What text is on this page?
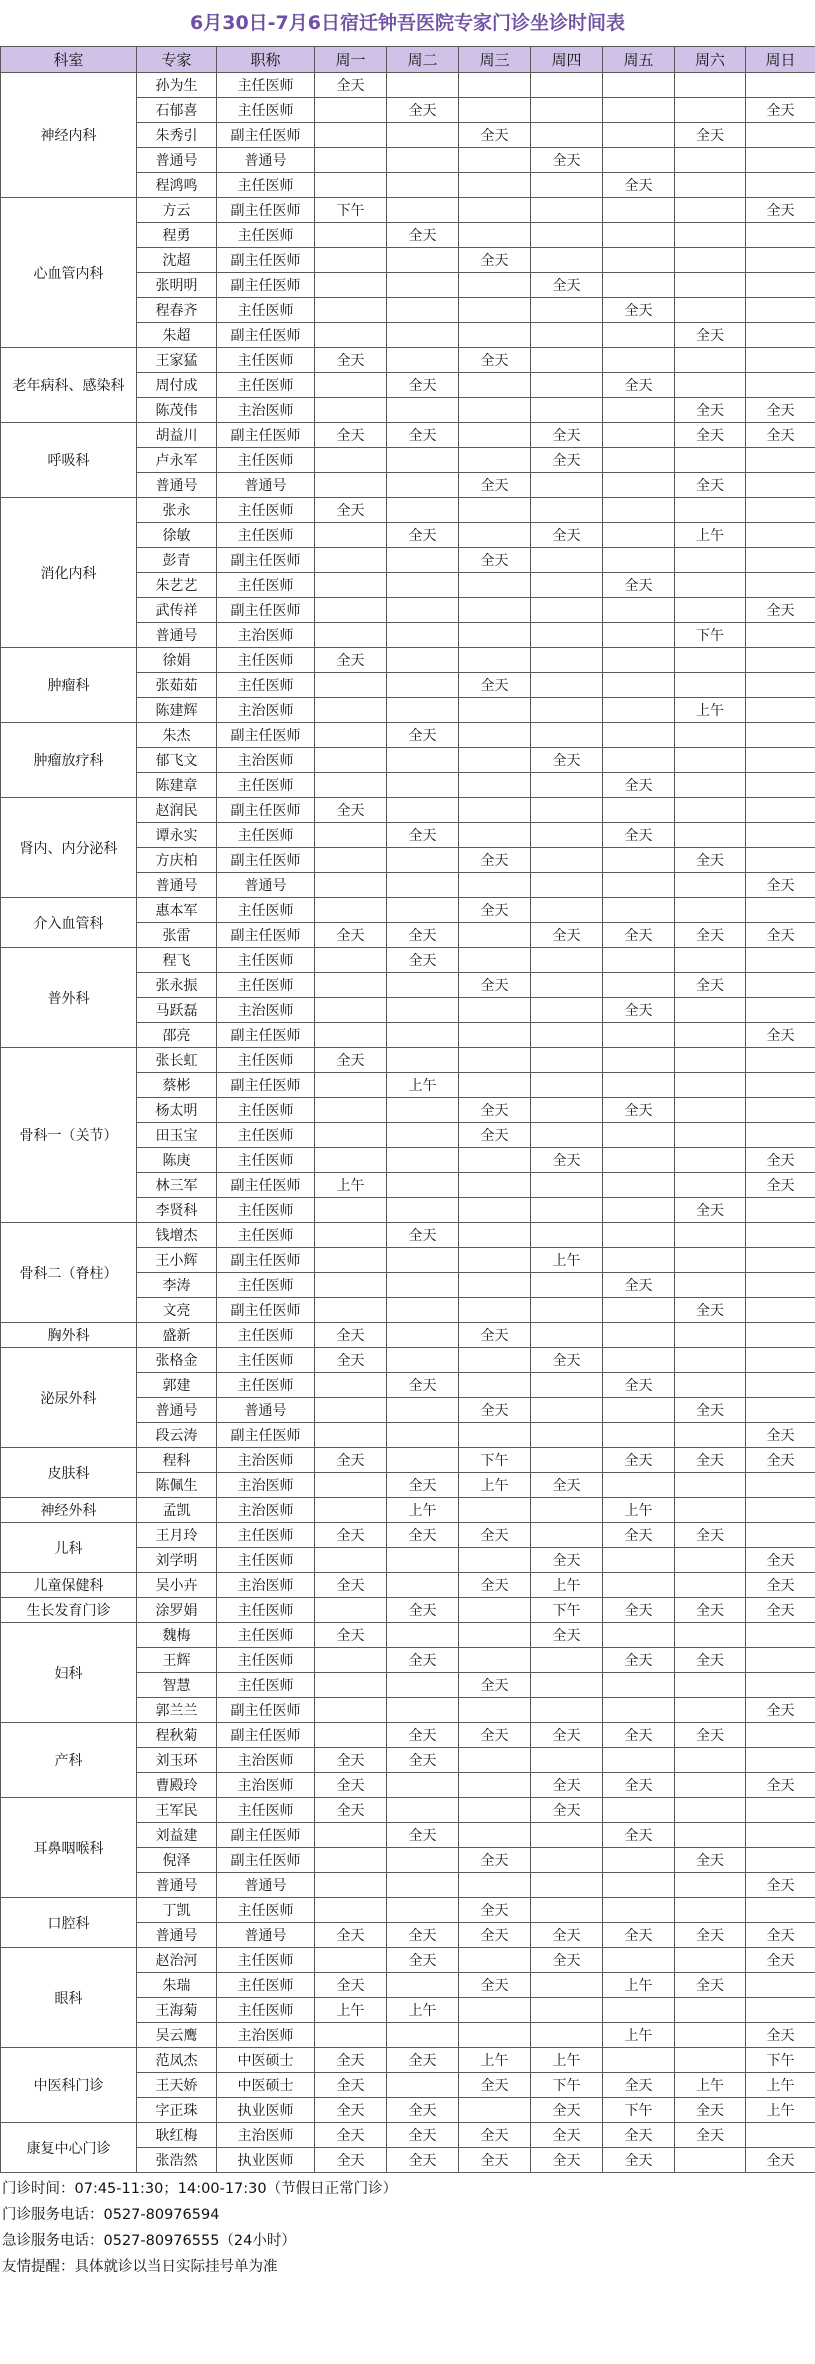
6月30日-7月6日宿迁钟吾医院专家门诊坐诊时间表
科室	专家	职称	周一	周二	周三	周四	周五	周六	周日
神经内科	孙为生	主任医师	全天						
	石郁喜	主任医师		全天					全天
	朱秀引	副主任医师			全天			全天	
	普通号	普通号				全天			
	程鸿鸣	主任医师					全天		
心血管内科	方云	副主任医师	下午						全天
	程勇	主任医师		全天					
	沈超	副主任医师			全天				
	张明明	副主任医师				全天			
	程春齐	主任医师					全天		
	朱超	副主任医师						全天	
老年病科、感染科	王家猛	主任医师	全天		全天				
	周付成	主任医师		全天			全天		
	陈茂伟	主治医师						全天	全天
呼吸科	胡益川	副主任医师	全天	全天		全天		全天	全天
	卢永军	主任医师				全天			
	普通号	普通号			全天			全天	
消化内科	张永	主任医师	全天						
	徐敏	主任医师		全天		全天		上午	
	彭青	副主任医师			全天				
	朱艺艺	主任医师					全天		
	武传祥	副主任医师							全天
	普通号	主治医师						下午	
肿瘤科	徐娟	主任医师	全天						
	张茹茹	主任医师			全天				
	陈建辉	主治医师						上午	
肿瘤放疗科	朱杰	副主任医师		全天					
	郁飞文	主治医师				全天			
	陈建章	主任医师					全天		
肾内、内分泌科	赵润民	副主任医师	全天						
	谭永实	主任医师		全天			全天		
	方庆柏	副主任医师			全天			全天	
	普通号	普通号							全天
介入血管科	惠本军	主任医师			全天				
	张雷	副主任医师	全天	全天		全天	全天	全天	全天
普外科	程飞	主任医师		全天					
	张永振	主任医师			全天			全天	
	马跃磊	主治医师					全天		
	邵亮	副主任医师							全天
骨科一（关节）	张长虹	主任医师	全天						
	蔡彬	副主任医师		上午					
	杨太明	主任医师			全天		全天		
	田玉宝	主任医师			全天				
	陈庚	主任医师				全天			全天
	林三军	副主任医师	上午						全天
	李贤科	主任医师						全天	
骨科二（脊柱）	钱增杰	主任医师		全天					
	王小辉	副主任医师				上午			
	李涛	主任医师					全天		
	文亮	副主任医师						全天	
胸外科	盛新	主任医师	全天		全天				
泌尿外科	张格金	主任医师	全天			全天			
	郭建	主任医师		全天			全天		
	普通号	普通号			全天			全天	
	段云涛	副主任医师							全天
皮肤科	程科	主治医师	全天		下午		全天	全天	全天
	陈佩生	主治医师		全天	上午	全天			
神经外科	孟凯	主治医师		上午			上午		
儿科	王月玲	主任医师	全天	全天	全天		全天	全天	
	刘学明	主任医师				全天			全天
儿童保健科	吴小卉	主治医师	全天		全天	上午			全天
生长发育门诊	涂罗娟	主任医师		全天		下午	全天	全天	全天
妇科	魏梅	主任医师	全天			全天			
	王辉	主任医师		全天			全天	全天	
	智慧	主任医师			全天				
	郭兰兰	副主任医师							全天
产科	程秋菊	副主任医师		全天	全天	全天	全天	全天	
	刘玉环	主治医师	全天	全天					
	曹殿玲	主治医师	全天			全天	全天		全天
耳鼻咽喉科	王军民	主任医师	全天			全天			
	刘益建	副主任医师		全天			全天		
	倪泽	副主任医师			全天			全天	
	普通号	普通号							全天
口腔科	丁凯	主任医师			全天				
	普通号	普通号	全天	全天	全天	全天	全天	全天	全天
眼科	赵治河	主任医师		全天		全天			全天
	朱瑞	主任医师	全天		全天		上午	全天	
	王海菊	主任医师	上午	上午					
	吴云鹰	主治医师					上午		全天
中医科门诊	范凤杰	中医硕士	全天	全天	上午	上午			下午
	王天娇	中医硕士	全天		全天	下午	全天	上午	上午
	字正珠	执业医师	全天	全天		全天	下午	全天	上午
康复中心门诊	耿红梅	主治医师	全天	全天	全天	全天	全天	全天	
	张浩然	执业医师	全天	全天	全天	全天	全天		全天
门诊时间：07:45-11:30；14:00-17:30（节假日正常门诊）
门诊服务电话：0527-80976594
急诊服务电话：0527-80976555（24小时）
友情提醒：具体就诊以当日实际挂号单为准
